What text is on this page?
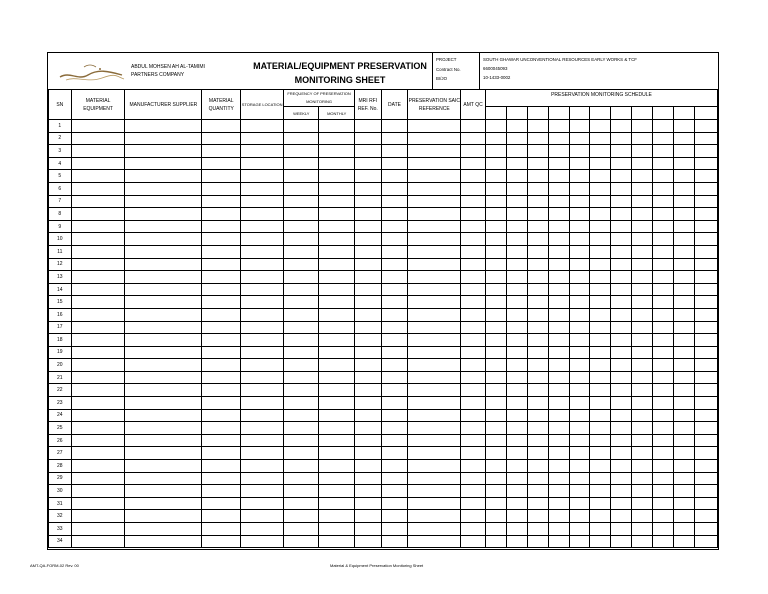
ABDUL MOHSEN AH AL-TAMIMI
PARTNERS COMPANY
MATERIAL/EQUIPMENT PRESERVATION
MONITORING SHEET
PROJECT	SOUTH GHAWAR UNCONVENTIONAL RESOURCES EARLY WORKS & TCF
Contract No.	6600045093
BI/JO	10-1433-0002
SN	MATERIAL EQUIPMENT	MANUFACTURER SUPPLIER	MATERIAL QUANTITY	STORAGE LOCATION	FREQUENCY OF PRESERVATION MONITORING		MRI RFI REF. No.	DATE	PRESERVATION SAIC REFERENCE	AMT QC	PRESERVATION MONITORING SCHEDULE										
					WEEKLY	MONTHLY															
1																					
2																					
3																					
4																					
5																					
6																					
7																					
8																					
9																					
10																					
11																					
12																					
13																					
14																					
15																					
16																					
17																					
18																					
19																					
20																					
21																					
22																					
23																					
24																					
25																					
26																					
27																					
28																					
29																					
30																					
31																					
32																					
33																					
34																					
AMT-QA-FORM-02 Rev. 00	Material & Equipment Preservation Monitoring Sheet
